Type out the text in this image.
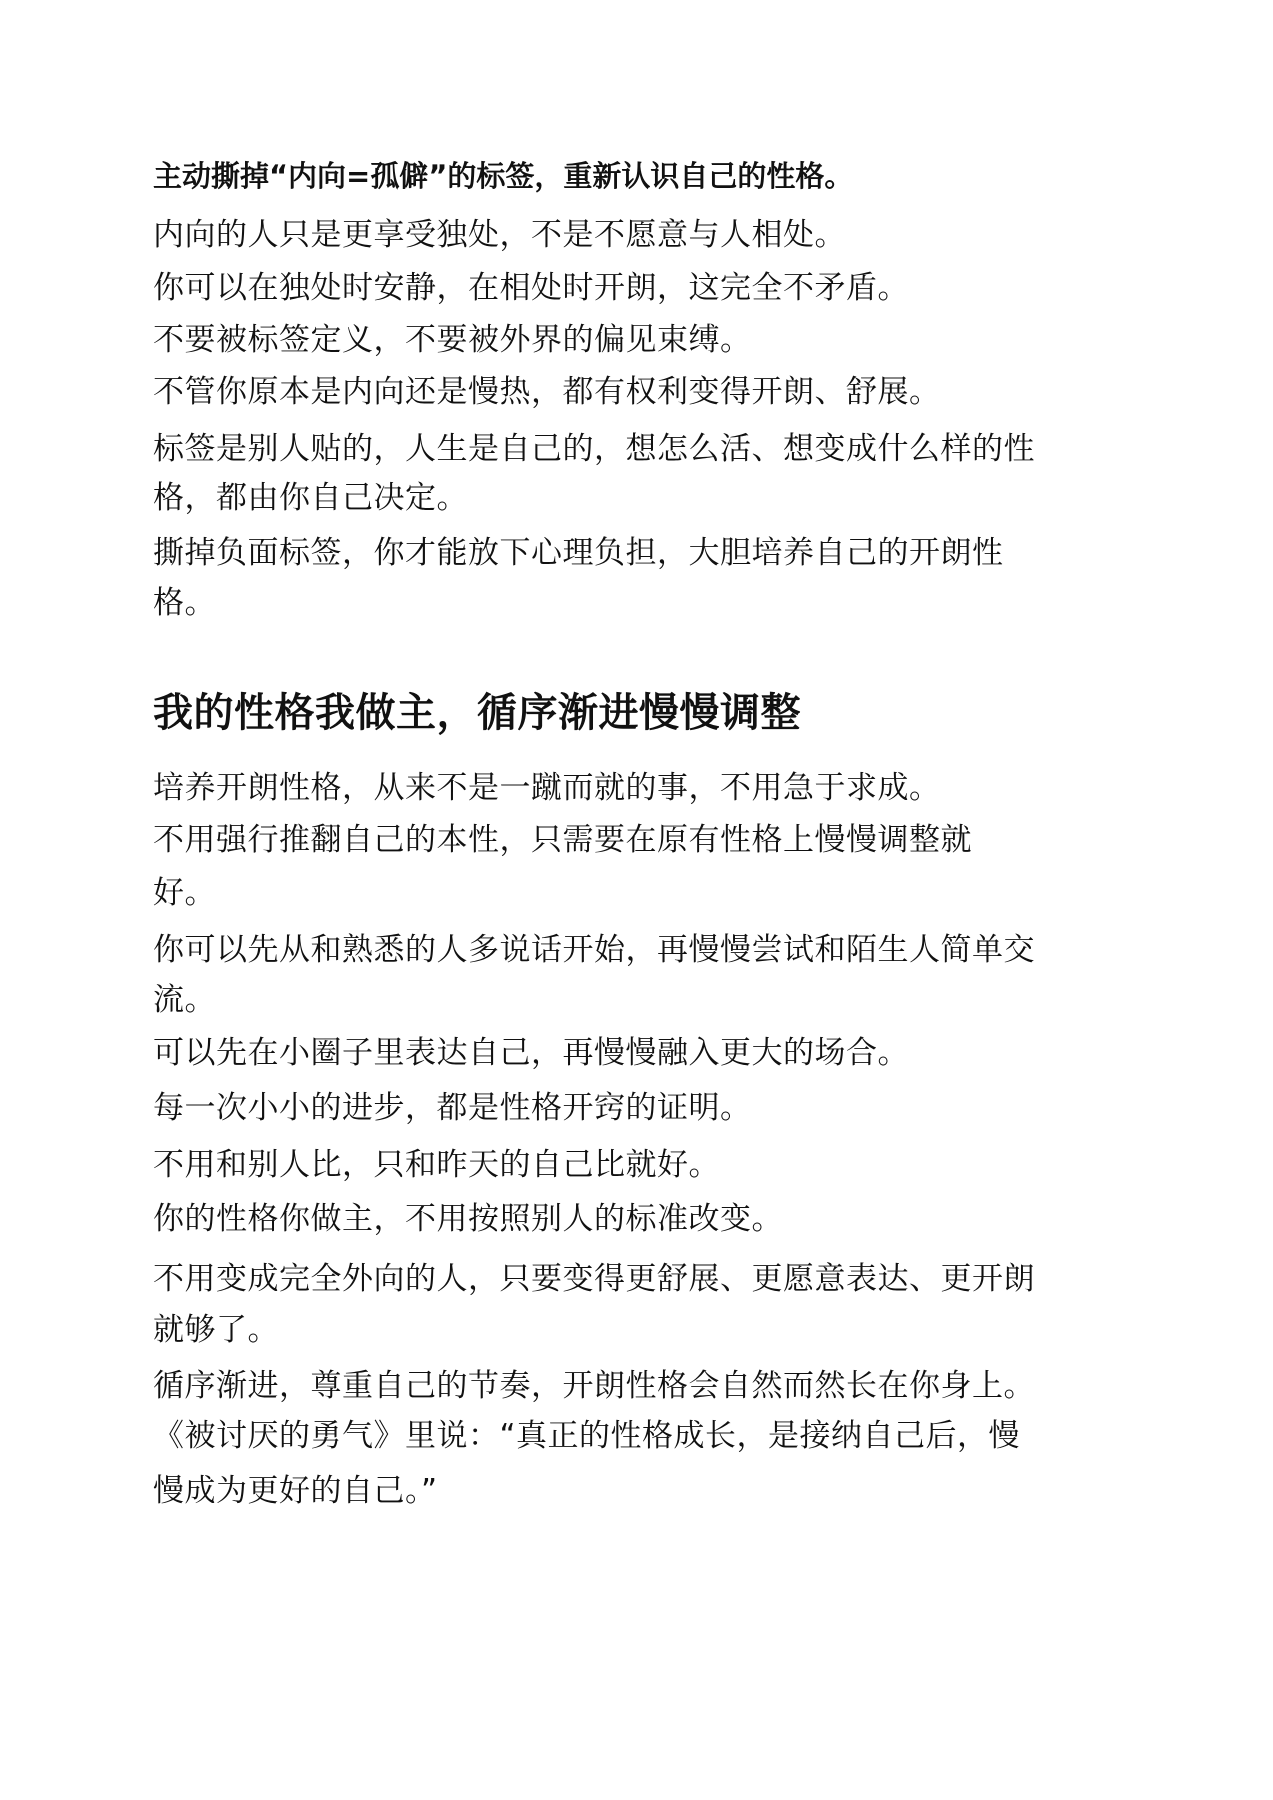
主动撕掉“内向=孤僻”的标签，重新认识自己的性格。
内向的人只是更享受独处，不是不愿意与人相处。
你可以在独处时安静，在相处时开朗，这完全不矛盾。
不要被标签定义，不要被外界的偏见束缚。
不管你原本是内向还是慢热，都有权利变得开朗、舒展。
标签是别人贴的，人生是自己的，想怎么活、想变成什么样的性
格，都由你自己决定。
撕掉负面标签，你才能放下心理负担，大胆培养自己的开朗性
格。
我的性格我做主，循序渐进慢慢调整
培养开朗性格，从来不是一蹴而就的事，不用急于求成。
不用强行推翻自己的本性，只需要在原有性格上慢慢调整就
好。
你可以先从和熟悉的人多说话开始，再慢慢尝试和陌生人简单交
流。
可以先在小圈子里表达自己，再慢慢融入更大的场合。
每一次小小的进步，都是性格开窍的证明。
不用和别人比，只和昨天的自己比就好。
你的性格你做主，不用按照别人的标准改变。
不用变成完全外向的人，只要变得更舒展、更愿意表达、更开朗
就够了。
循序渐进，尊重自己的节奏，开朗性格会自然而然长在你身上。
《被讨厌的勇气》里说：“真正的性格成长，是接纳自己后，慢
慢成为更好的自己。”
